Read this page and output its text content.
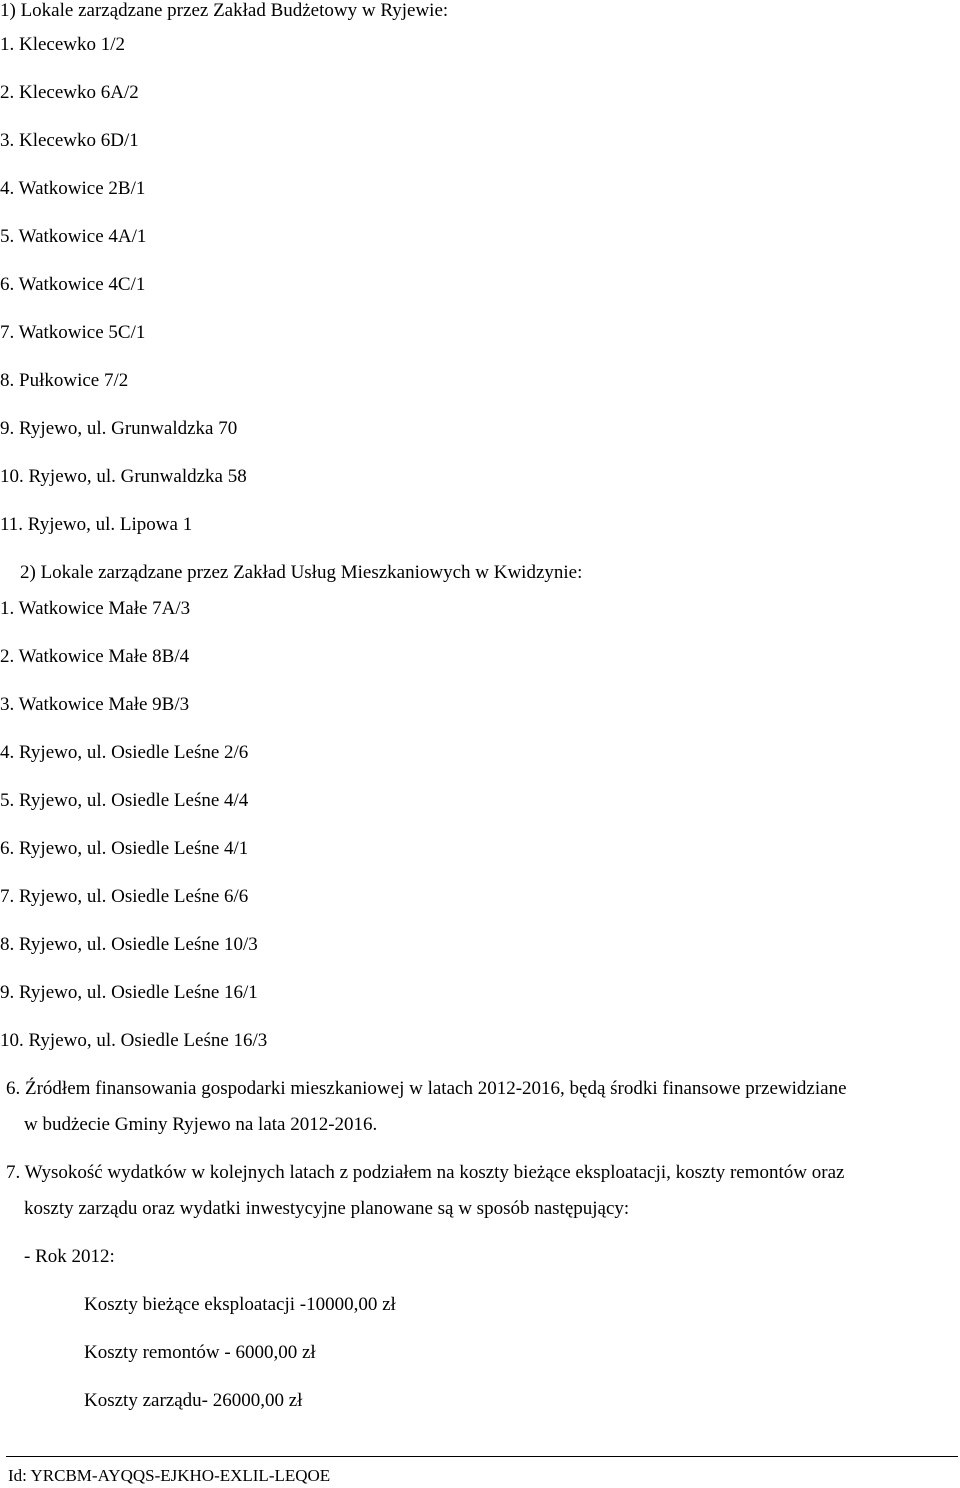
1) Lokale zarządzane przez Zakład Budżetowy w Ryjewie:
1. Klecewko 1/2
2. Klecewko 6A/2
3. Klecewko 6D/1
4. Watkowice 2B/1
5. Watkowice 4A/1
6. Watkowice 4C/1
7. Watkowice 5C/1
8. Pułkowice 7/2
9. Ryjewo, ul. Grunwaldzka 70
10. Ryjewo, ul. Grunwaldzka 58
11. Ryjewo, ul. Lipowa 1
2) Lokale zarządzane przez Zakład Usług Mieszkaniowych w Kwidzynie:
1. Watkowice Małe 7A/3
2. Watkowice Małe 8B/4
3. Watkowice Małe 9B/3
4. Ryjewo, ul. Osiedle Leśne 2/6
5. Ryjewo, ul. Osiedle Leśne 4/4
6. Ryjewo, ul. Osiedle Leśne 4/1
7. Ryjewo, ul. Osiedle Leśne 6/6
8. Ryjewo, ul. Osiedle Leśne 10/3
9. Ryjewo, ul. Osiedle Leśne 16/1
10. Ryjewo, ul. Osiedle Leśne 16/3
6. Źródłem finansowania gospodarki mieszkaniowej w latach 2012-2016, będą środki finansowe przewidziane
w budżecie Gminy Ryjewo na lata 2012-2016.
7. Wysokość wydatków w kolejnych latach z podziałem na koszty bieżące eksploatacji, koszty remontów oraz
koszty zarządu oraz wydatki inwestycyjne planowane są w sposób następujący:
- Rok 2012:
Koszty bieżące eksploatacji -10000,00 zł
Koszty remontów - 6000,00 zł
Koszty zarządu- 26000,00 zł
Id: YRCBM-AYQQS-EJKHO-EXLIL-LEQOE
